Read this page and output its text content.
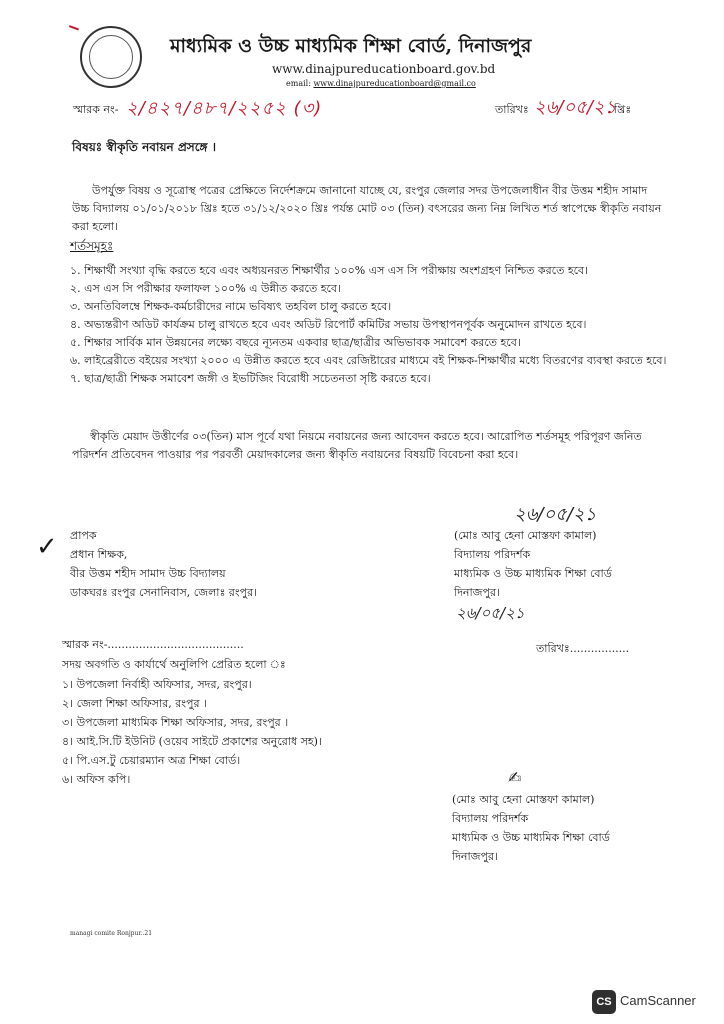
মাধ্যমিক ও উচ্চ মাধ্যমিক শিক্ষা বোর্ড, দিনাজপুর
www.dinajpureducationboard.gov.bd
email: www.dinajpureducationboard@gmail.co
স্মারক নং- ২/৪২৭/৪৮৭/২২৫২ (৩)	তারিখঃ ২৬/০৫/২১
খ্রিঃ
বিষয়ঃ স্বীকৃতি নবায়ন প্রসঙ্গে ।
উপর্যুক্ত বিষয় ও সূত্রোস্থ পত্রের প্রেক্ষিতে নির্দেশক্রমে জানানো যাচ্ছে যে, রংপুর জেলার সদর উপজেলাধীন বীর উত্তম শহীদ সামাদ উচ্চ বিদ্যালয় ০১/০১/২০১৮ খ্রিঃ হতে ৩১/১২/২০২০ খ্রিঃ পর্যন্ত মোট ০৩ (তিন) বৎসরের জন্য নিম্ন লিখিত শর্ত স্বাপেক্ষে স্বীকৃতি নবায়ন করা হলো।
শর্তসমূহঃ
১. শিক্ষার্থী সংখ্যা বৃদ্ধি করতে হবে এবং অধ্যয়নরত শিক্ষার্থীর ১০০% এস এস সি পরীক্ষায় অংশগ্রহণ নিশ্চিত করতে হবে।
২. এস এস সি পরীক্ষার ফলাফল ১০০% এ উন্নীত করতে হবে।
৩. অনতিবিলম্বে শিক্ষক-কর্মচারীদের নামে ভবিষ্যৎ তহবিল চালু করতে হবে।
৪. অভ্যন্তরীণ অডিট কার্যক্রম চালু রাখতে হবে এবং অডিট রিপোর্ট কমিটির সভায় উপস্থাপনপূর্বক অনুমোদন রাখতে হবে।
৫. শিক্ষার সার্বিক মান উন্নয়নের লক্ষ্যে বছরে ন্যূনতম একবার ছাত্র/ছাত্রীর অভিভাবক সমাবেশ করতে হবে।
৬. লাইব্রেরীতে বইয়ের সংখ্যা ২০০০ এ উন্নীত করতে হবে এবং রেজিষ্টারের মাধ্যমে বই শিক্ষক-শিক্ষার্থীর মধ্যে বিতরণের ব্যবস্থা করতে হবে।
৭. ছাত্র/ছাত্রী শিক্ষক সমাবেশ জঙ্গী ও ইভটিজিং বিরোধী সচেতনতা সৃষ্টি করতে হবে।
স্বীকৃতি মেয়াদ উত্তীর্ণের ০৩(তিন) মাস পূর্বে যথা নিয়মে নবায়নের জন্য আবেদন করতে হবে। আরোপিত শর্তসমূহ পরিপূরণ জনিত পরিদর্শন প্রতিবেদন পাওয়ার পর পরবর্তী মেয়াদকালের জন্য স্বীকৃতি নবায়নের বিষয়টি বিবেচনা করা হবে।
✓ প্রাপক
প্রধান শিক্ষক,
বীর উত্তম শহীদ সামাদ উচ্চ বিদ্যালয়
ডাকঘরঃ রংপুর সেনানিবাস, জেলাঃ রংপুর।
২৬/০৫/২১
(মোঃ আবু হেনা মোস্তফা কামাল)
বিদ্যালয় পরিদর্শক
মাধ্যমিক ও উচ্চ মাধ্যমিক শিক্ষা বোর্ড
দিনাজপুর।
২৬/০৫/২১
স্মারক নং-.......................................	তারিখঃ.................
সদয় অবগতি ও কার্যার্থে অনুলিপি প্রেরিত হলো ঃ
১। উপজেলা নির্বাহী অফিসার, সদর, রংপুর।
২। জেলা শিক্ষা অফিসার, রংপুর ।
৩। উপজেলা মাধ্যমিক শিক্ষা অফিসার, সদর, রংপুর ।
৪। আই.সি.টি ইউনিট (ওয়েব সাইটে প্রকাশের অনুরোধ সহ)।
৫। পি.এস.টু চেয়ারম্যান অত্র শিক্ষা বোর্ড।
৬। অফিস কপি।	✍
(মোঃ আবু হেনা মোস্তফা কামাল)
বিদ্যালয় পরিদর্শক
মাধ্যমিক ও উচ্চ মাধ্যমিক শিক্ষা বোর্ড
দিনাজপুর।
managi comite Ronjpur..21
CS CamScanner
